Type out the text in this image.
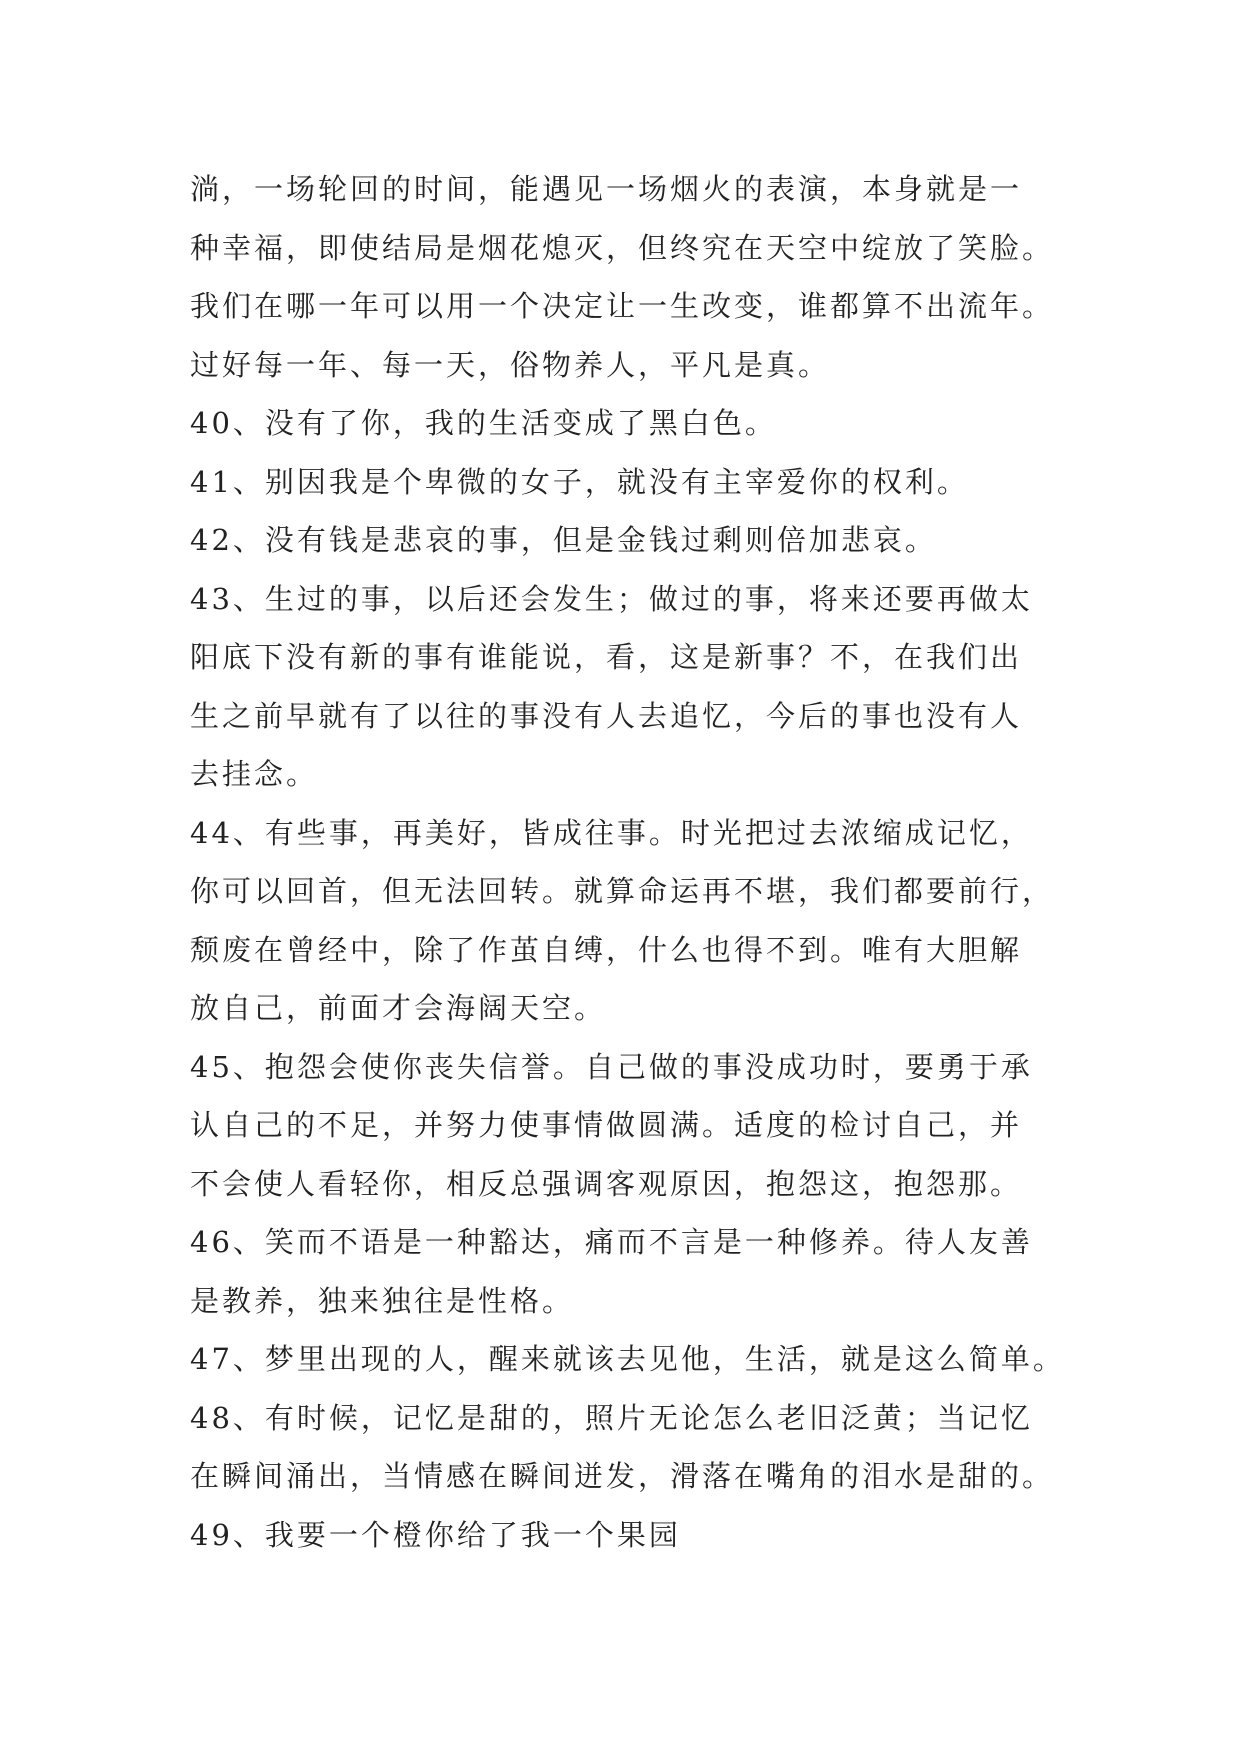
淌，一场轮回的时间，能遇见一场烟火的表演，本身就是一
种幸福，即使结局是烟花熄灭，但终究在天空中绽放了笑脸。
我们在哪一年可以用一个决定让一生改变，谁都算不出流年。
过好每一年、每一天，俗物养人，平凡是真。
40、没有了你，我的生活变成了黑白色。
41、别因我是个卑微的女子，就没有主宰爱你的权利。
42、没有钱是悲哀的事，但是金钱过剩则倍加悲哀。
43、生过的事，以后还会发生；做过的事，将来还要再做太
阳底下没有新的事有谁能说，看，这是新事？不，在我们出
生之前早就有了以往的事没有人去追忆，今后的事也没有人
去挂念。
44、有些事，再美好，皆成往事。时光把过去浓缩成记忆，
你可以回首，但无法回转。就算命运再不堪，我们都要前行，
颓废在曾经中，除了作茧自缚，什么也得不到。唯有大胆解
放自己，前面才会海阔天空。
45、抱怨会使你丧失信誉。自己做的事没成功时，要勇于承
认自己的不足，并努力使事情做圆满。适度的检讨自己，并
不会使人看轻你，相反总强调客观原因，抱怨这，抱怨那。
46、笑而不语是一种豁达，痛而不言是一种修养。待人友善
是教养，独来独往是性格。
47、梦里出现的人，醒来就该去见他，生活，就是这么简单。
48、有时候，记忆是甜的，照片无论怎么老旧泛黄；当记忆
在瞬间涌出，当情感在瞬间迸发，滑落在嘴角的泪水是甜的。
49、我要一个橙你给了我一个果园
